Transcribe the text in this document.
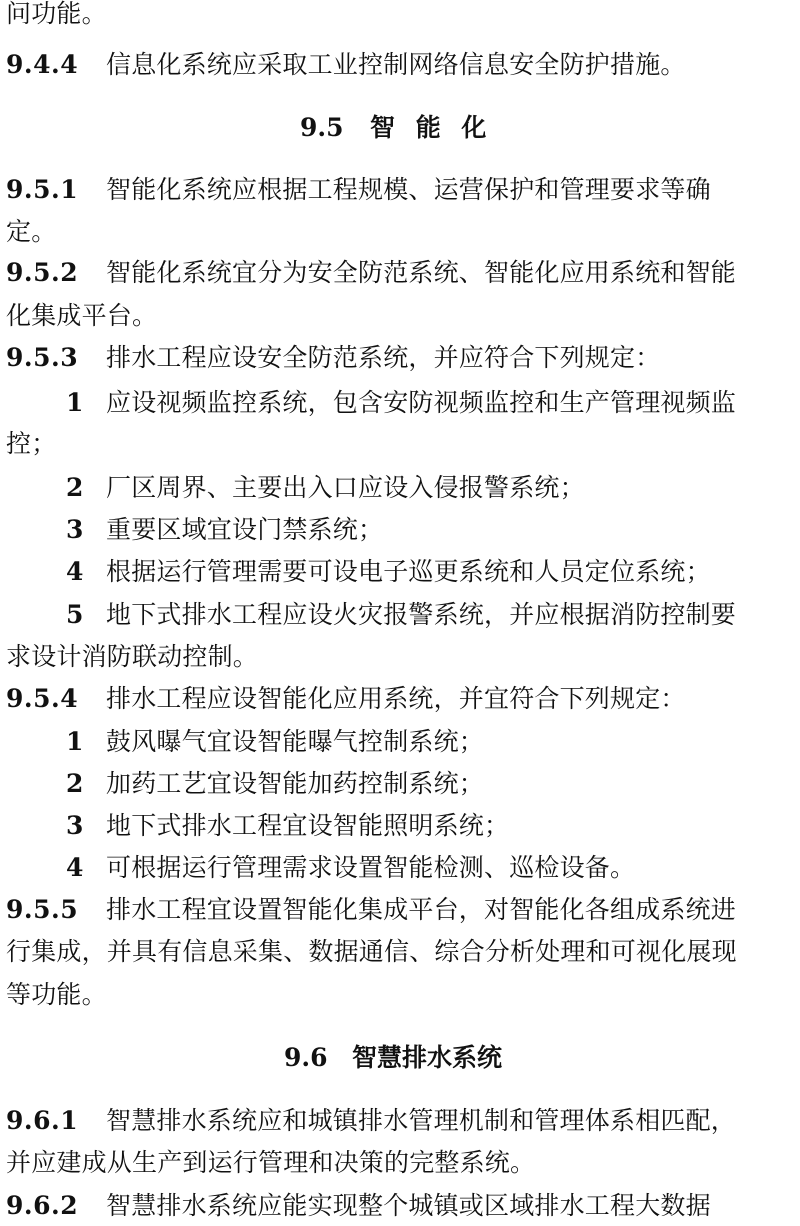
问功能。
9.4.4 信息化系统应采取工业控制网络信息安全防护措施。
9.5 智 能 化
9.5.1 智能化系统应根据工程规模、运营保护和管理要求等确
定。
9.5.2 智能化系统宜分为安全防范系统、智能化应用系统和智能
化集成平台。
9.5.3 排水工程应设安全防范系统，并应符合下列规定：
1 应设视频监控系统，包含安防视频监控和生产管理视频监
控；
2 厂区周界、主要出入口应设入侵报警系统；
3 重要区域宜设门禁系统；
4 根据运行管理需要可设电子巡更系统和人员定位系统；
5 地下式排水工程应设火灾报警系统，并应根据消防控制要
求设计消防联动控制。
9.5.4 排水工程应设智能化应用系统，并宜符合下列规定：
1 鼓风曝气宜设智能曝气控制系统；
2 加药工艺宜设智能加药控制系统；
3 地下式排水工程宜设智能照明系统；
4 可根据运行管理需求设置智能检测、巡检设备。
9.5.5 排水工程宜设置智能化集成平台，对智能化各组成系统进
行集成，并具有信息采集、数据通信、综合分析处理和可视化展现
等功能。
9.6 智慧排水系统
9.6.1 智慧排水系统应和城镇排水管理机制和管理体系相匹配，
并应建成从生产到运行管理和决策的完整系统。
9.6.2 智慧排水系统应能实现整个城镇或区域排水工程大数据
